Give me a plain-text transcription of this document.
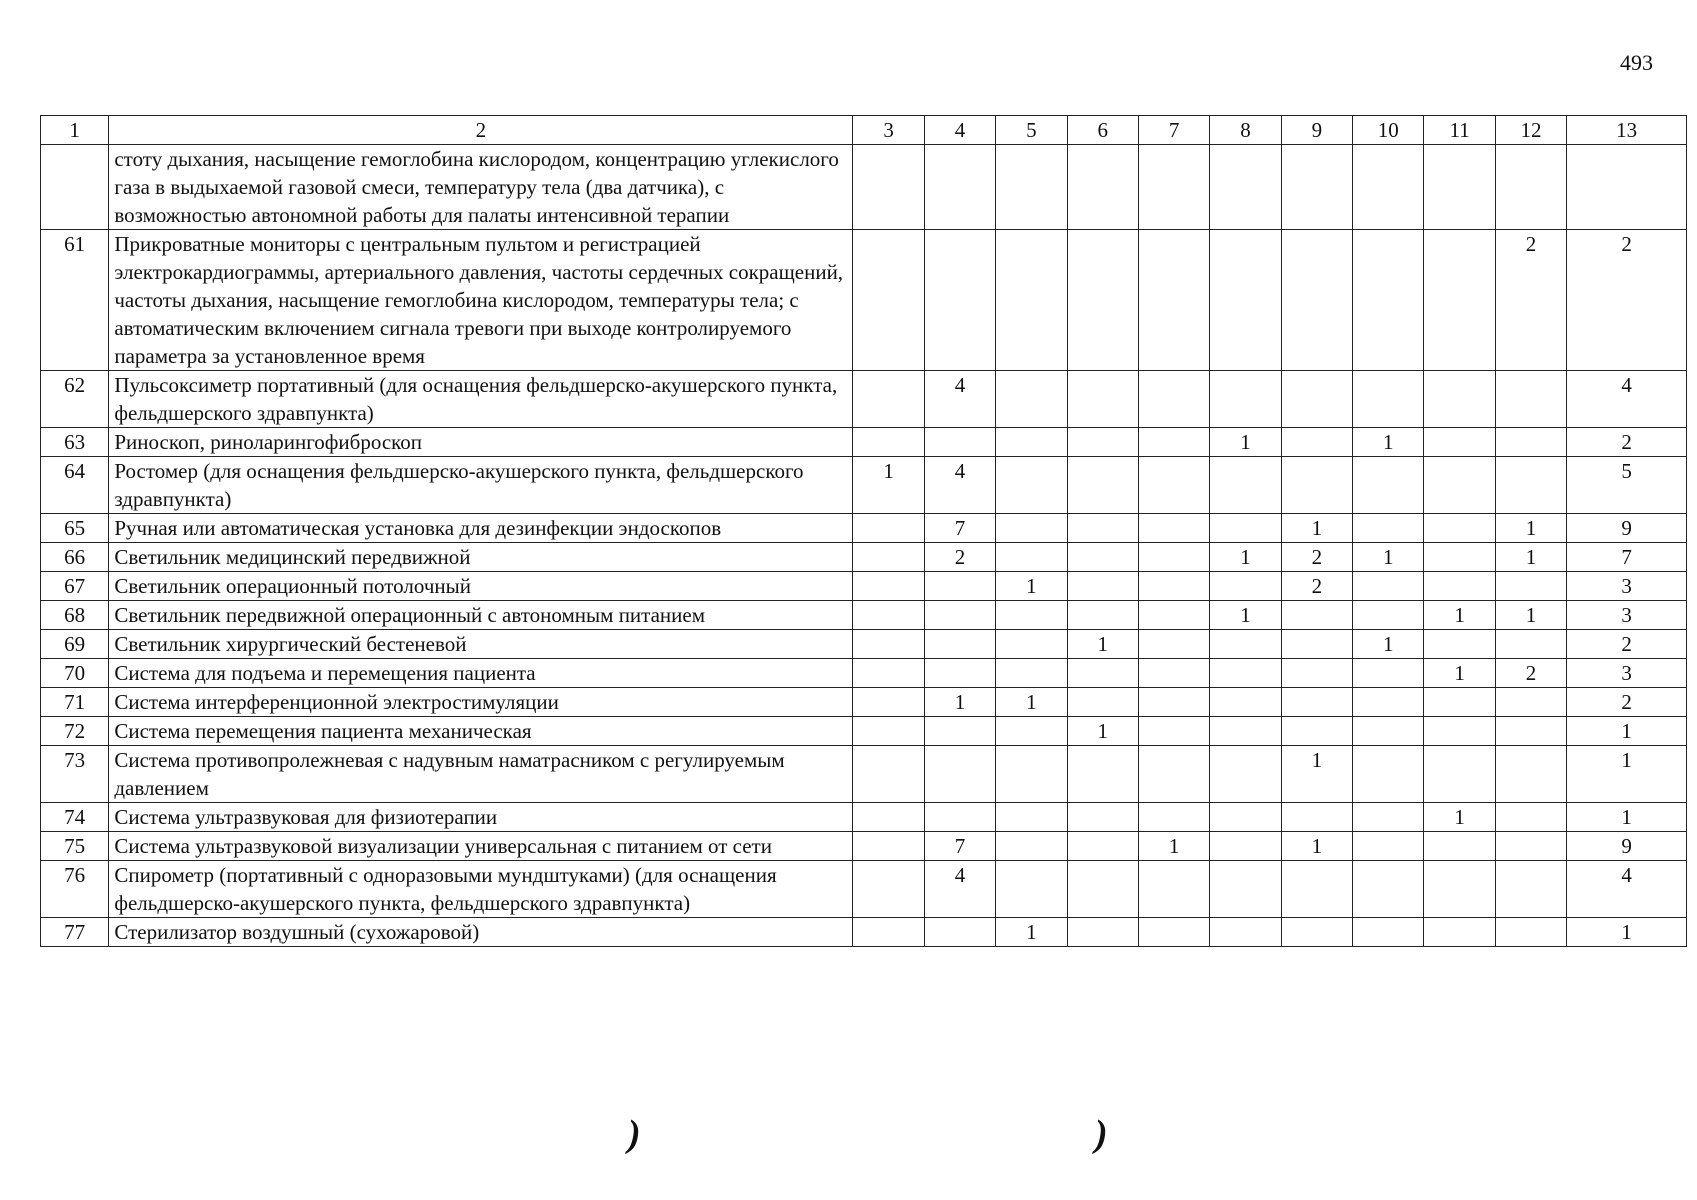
493
1	2	3	4	5	6	7	8	9	10	11	12	13
	стоту дыхания, насыщение гемоглобина кислородом, концентрацию углекислого газа в выдыхаемой газовой смеси, температуру тела (два датчика), с возможностью автономной работы для палаты интенсивной терапии											
61	Прикроватные мониторы с центральным пультом и регистрацией электрокардиограммы, артериального давления, частоты сердечных сокращений, частоты дыхания, насыщение гемоглобина кислородом, температуры тела; с автоматическим включением сигнала тревоги при выходе контролируемого параметра за установленное время										2	2
62	Пульсоксиметр портативный (для оснащения фельдшерско-акушерского пункта, фельдшерского здравпункта)		4									4
63	Риноскоп, риноларингофиброскоп						1		1			2
64	Ростомер (для оснащения фельдшерско-акушерского пункта, фельдшерского здравпункта)	1	4									5
65	Ручная или автоматическая установка для дезинфекции эндоскопов		7					1			1	9
66	Светильник медицинский передвижной		2				1	2	1		1	7
67	Светильник операционный потолочный			1				2				3
68	Светильник передвижной операционный с автономным питанием						1			1	1	3
69	Светильник хирургический бестеневой				1				1			2
70	Система для подъема и перемещения пациента									1	2	3
71	Система интерференционной электростимуляции		1	1								2
72	Система перемещения пациента механическая				1							1
73	Система противопролежневая с надувным наматрасником с регулируемым давлением							1				1
74	Система ультразвуковая для физиотерапии									1		1
75	Система ультразвуковой визуализации универсальная с питанием от сети		7			1		1				9
76	Спирометр (портативный с одноразовыми мундштуками) (для оснащения фельдшерско-акушерского пункта, фельдшерского здравпункта)		4									4
77	Стерилизатор воздушный (сухожаровой)			1								1
)	)
